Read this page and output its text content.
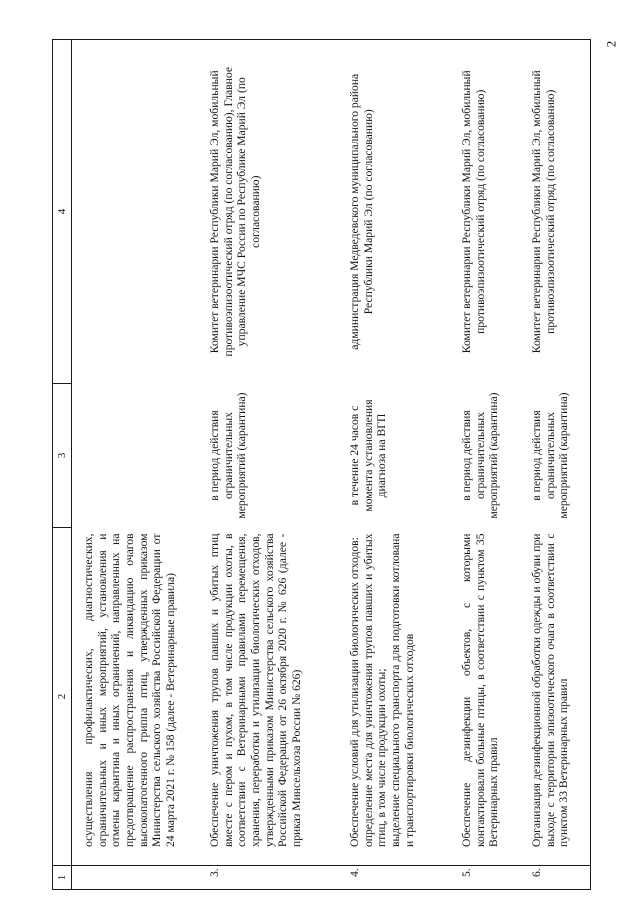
2
1	2	3	4
	осуществления профилактических, диагностических, ограничительных и иных мероприятий, установления и отмены карантина и иных ограничений, направленных на предотвращение распространения и ликвидацию очагов высокопатогенного гриппа птиц, утвержденных приказом Министерства сельского хозяйства Российской Федерации от 24 марта 2021 г. № 158 (далее - Ветеринарные правила)		
3.	Обеспечение уничтожения трупов павших и убитых птиц вместе с пером и пухом, в том числе продукции охоты, в соответствии с Ветеринарными правилами перемещения, хранения, переработки и утилизации биологических отходов, утвержденными приказом Министерства сельского хозяйства Российской Федерации от 26 октября 2020 г. № 626 (далее - приказ Минсельхоза России № 626)	в период действия ограничительных мероприятий (карантина)	Комитет ветеринарии Республики Марий Эл, мобильный противоэпизоотический отряд (по согласованию), Главное управление МЧС России по Республике Марий Эл (по согласованию)
4.	Обеспечение условий для утилизации биологических отходов: определение места для уничтожения трупов павших и убитых птиц, в том числе продукции охоты; выделение специального транспорта для подготовки котлована и транспортировки биологических отходов	в течение 24 часов с момента установления диагноза на ВГП	администрация Медведевского муниципального района Республики Марий Эл (по согласованию)
5.	Обеспечение дезинфекции объектов, с которыми контактировали больные птицы, в соответствии с пунктом 35 Ветеринарных правил	в период действия ограничительных мероприятий (карантина)	Комитет ветеринарии Республики Марий Эл, мобильный противоэпизоотический отряд (по согласованию)
6.	Организация дезинфекционной обработки одежды и обуви при выходе с территории эпизоотического очага в соответствии с пунктом 33 Ветеринарных правил	в период действия ограничительных мероприятий (карантина)	Комитет ветеринарии Республики Марий Эл, мобильный противоэпизоотический отряд (по согласованию)
